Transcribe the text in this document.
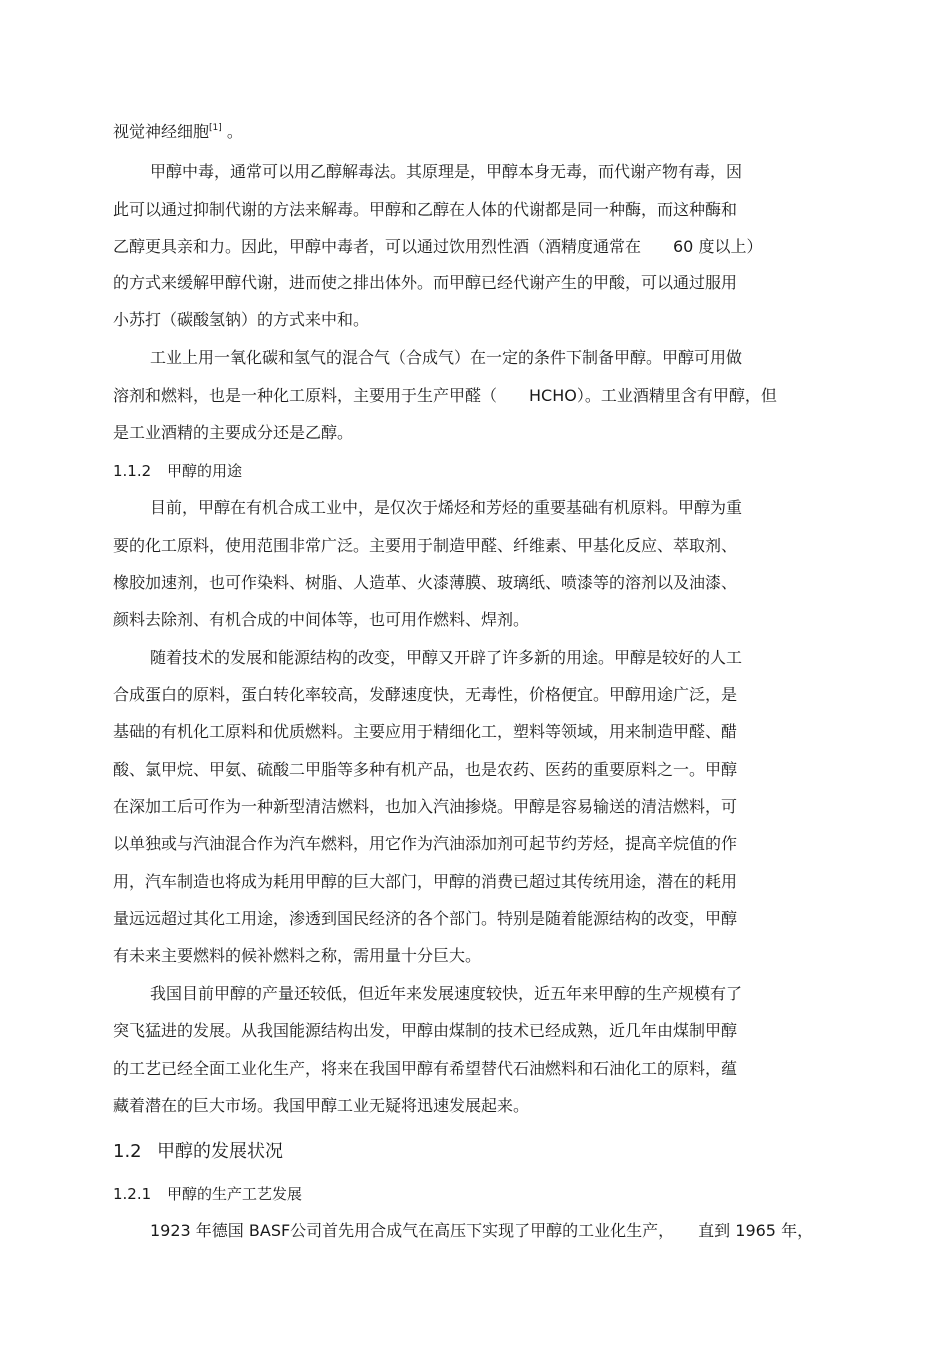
视觉神经细胞[1] 。
甲醇中毒，通常可以用乙醇解毒法。其原理是，甲醇本身无毒，而代谢产物有毒，因
此可以通过抑制代谢的方法来解毒。甲醇和乙醇在人体的代谢都是同一种酶，而这种酶和
乙醇更具亲和力。因此，甲醇中毒者，可以通过饮用烈性酒（酒精度通常在　　60 度以上）
的方式来缓解甲醇代谢，进而使之排出体外。而甲醇已经代谢产生的甲酸，可以通过服用
小苏打（碳酸氢钠）的方式来中和。
工业上用一氧化碳和氢气的混合气（合成气）在一定的条件下制备甲醇。甲醇可用做
溶剂和燃料，也是一种化工原料，主要用于生产甲醛（　　HCHO）。工业酒精里含有甲醇，但
是工业酒精的主要成分还是乙醇。
1.1.2 甲醇的用途
目前，甲醇在有机合成工业中，是仅次于烯烃和芳烃的重要基础有机原料。甲醇为重
要的化工原料，使用范围非常广泛。主要用于制造甲醛、纤维素、甲基化反应、萃取剂、
橡胶加速剂，也可作染料、树脂、人造革、火漆薄膜、玻璃纸、喷漆等的溶剂以及油漆、
颜料去除剂、有机合成的中间体等，也可用作燃料、焊剂。
随着技术的发展和能源结构的改变，甲醇又开辟了许多新的用途。甲醇是较好的人工
合成蛋白的原料，蛋白转化率较高，发酵速度快，无毒性，价格便宜。甲醇用途广泛，是
基础的有机化工原料和优质燃料。主要应用于精细化工，塑料等领域，用来制造甲醛、醋
酸、氯甲烷、甲氨、硫酸二甲脂等多种有机产品，也是农药、医药的重要原料之一。甲醇
在深加工后可作为一种新型清洁燃料，也加入汽油掺烧。甲醇是容易输送的清洁燃料，可
以单独或与汽油混合作为汽车燃料，用它作为汽油添加剂可起节约芳烃，提高辛烷值的作
用，汽车制造也将成为耗用甲醇的巨大部门，甲醇的消费已超过其传统用途，潜在的耗用
量远远超过其化工用途，渗透到国民经济的各个部门。特别是随着能源结构的改变，甲醇
有未来主要燃料的候补燃料之称，需用量十分巨大。
我国目前甲醇的产量还较低，但近年来发展速度较快，近五年来甲醇的生产规模有了
突飞猛进的发展。从我国能源结构出发，甲醇由煤制的技术已经成熟，近几年由煤制甲醇
的工艺已经全面工业化生产，将来在我国甲醇有希望替代石油燃料和石油化工的原料，蕴
藏着潜在的巨大市场。我国甲醇工业无疑将迅速发展起来。
1.2 甲醇的发展状况
1.2.1 甲醇的生产工艺发展
1923 年德国 BASF公司首先用合成气在高压下实现了甲醇的工业化生产，　　直到 1965 年，
